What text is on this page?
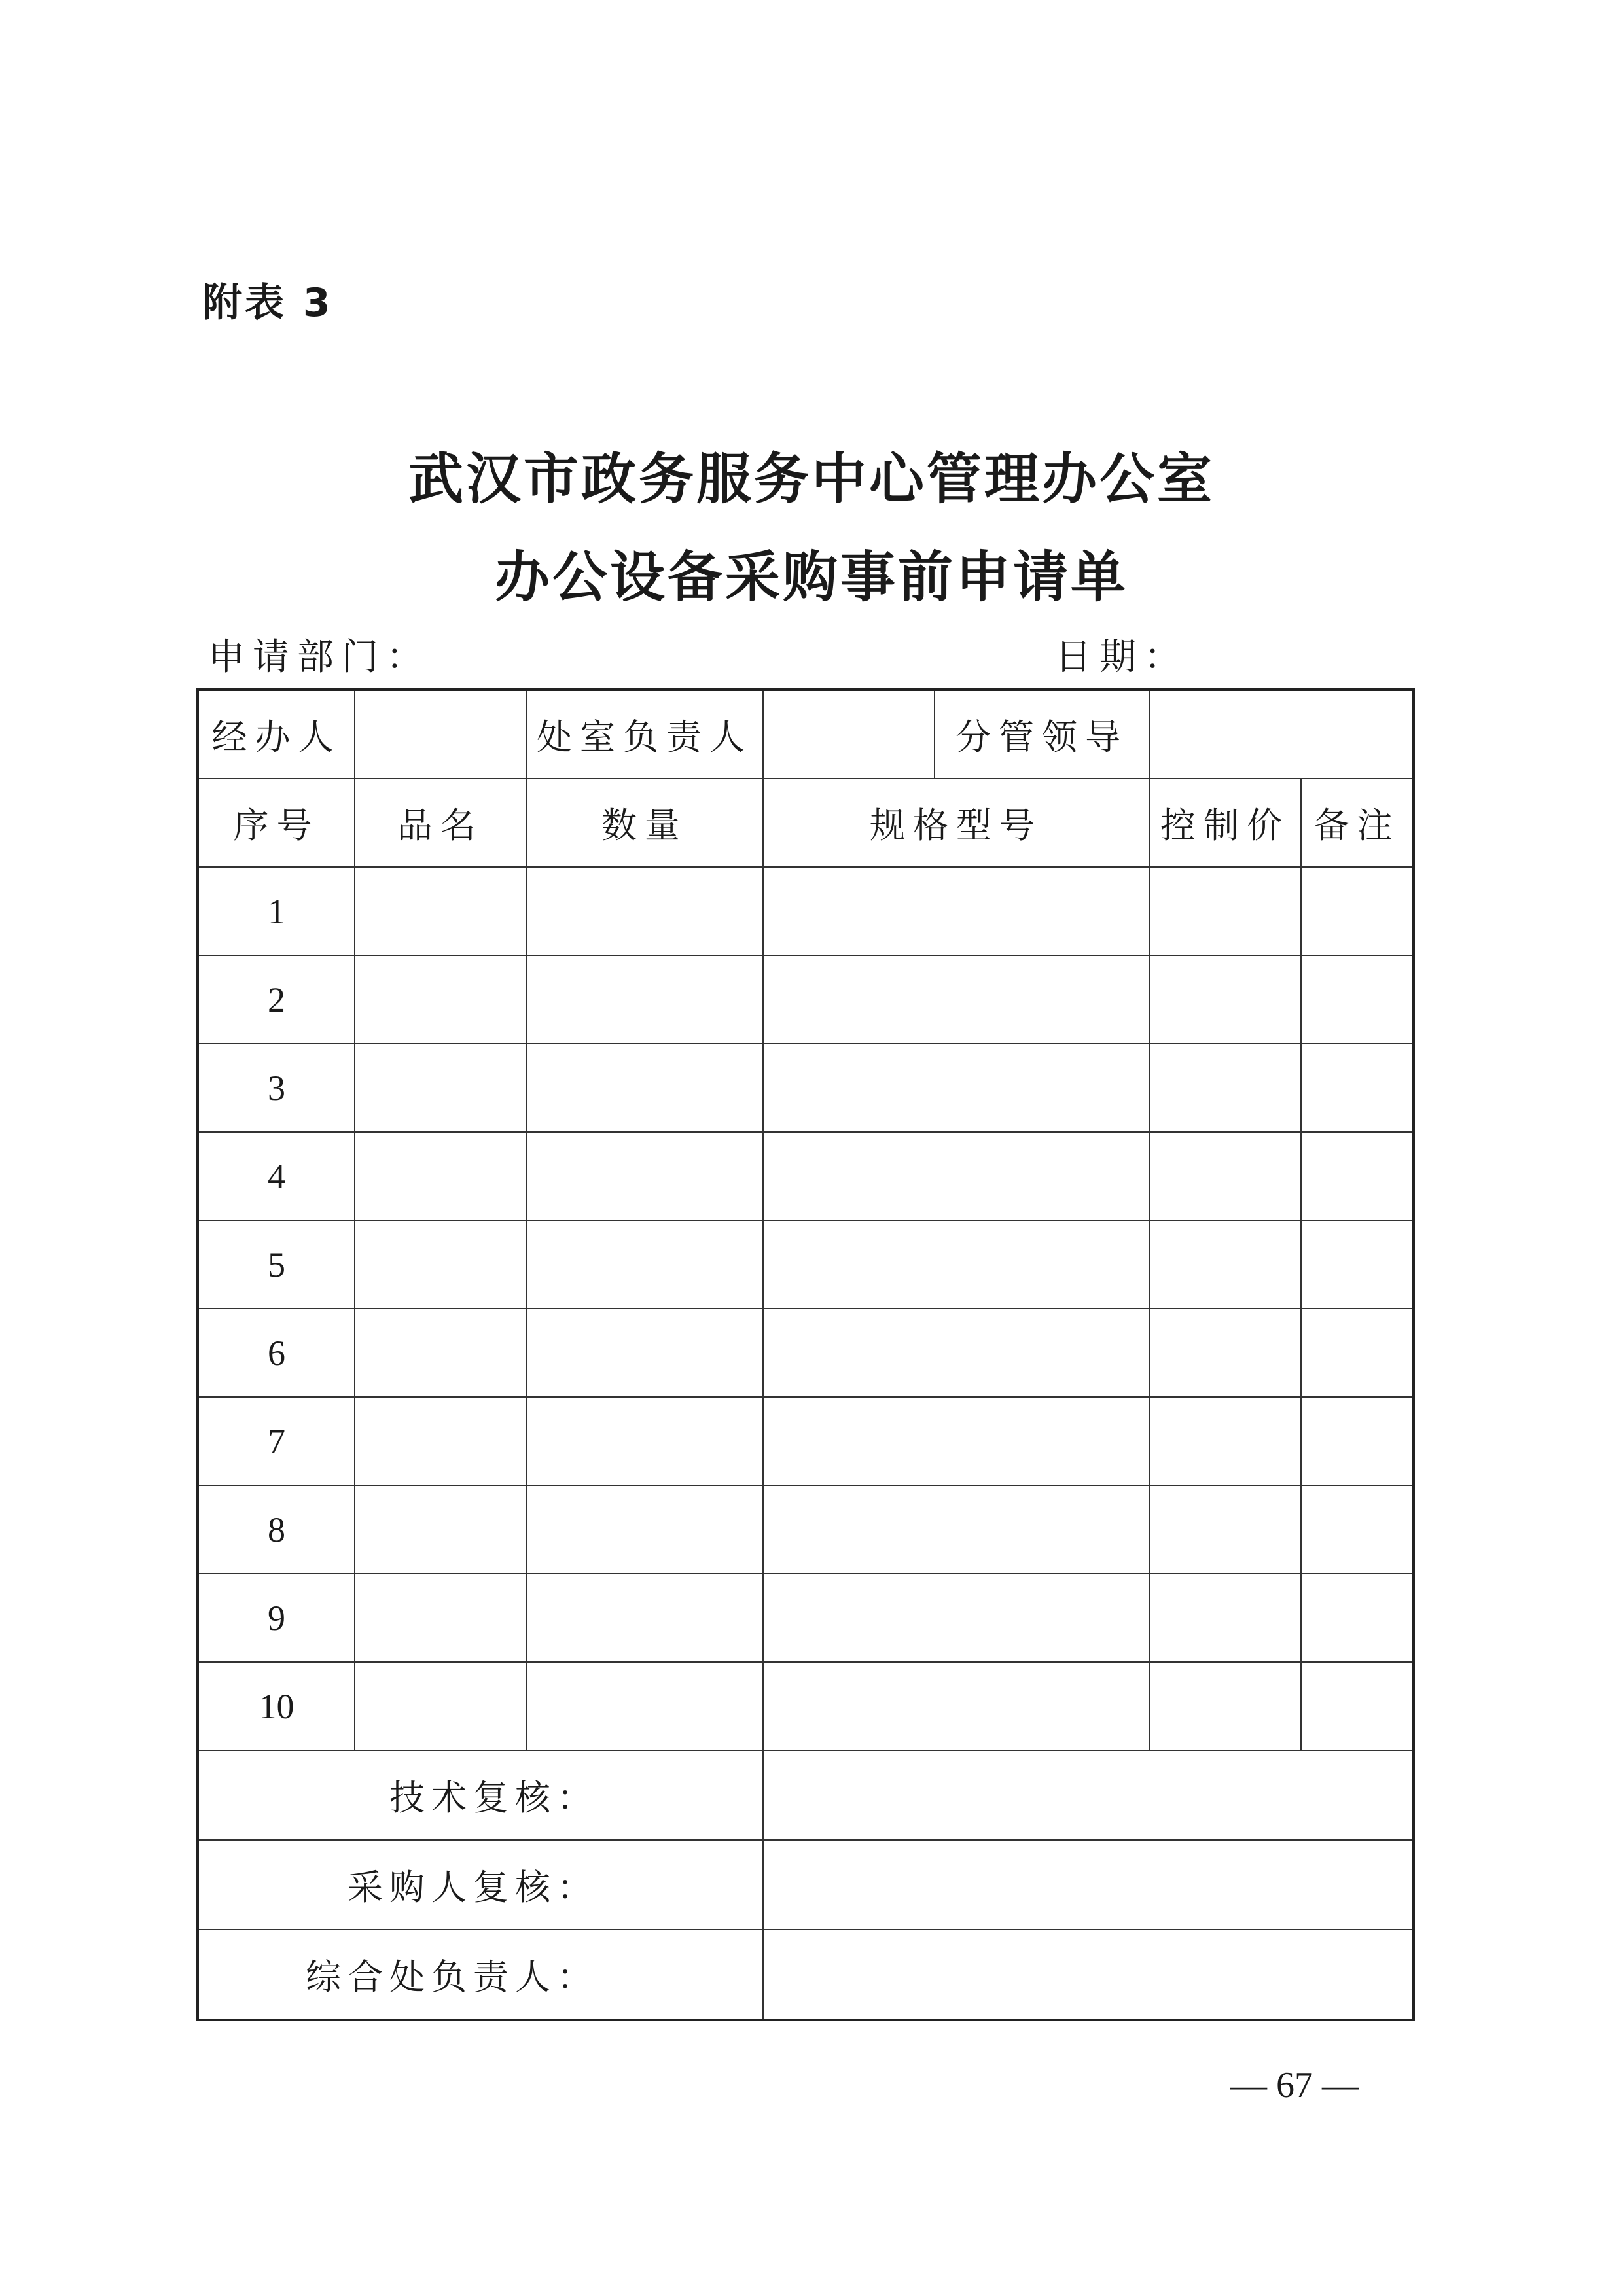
附表 3
武汉市政务服务中心管理办公室
办公设备采购事前申请单
申请部门：	日期：
经办人		处室负责人		分管领导		
序号	品名	数量	规格型号		控制价	备注
1						
2						
3						
4						
5						
6						
7						
8						
9						
10						
技术复核：						
采购人复核：						
综合处负责人：						
— 67 —
